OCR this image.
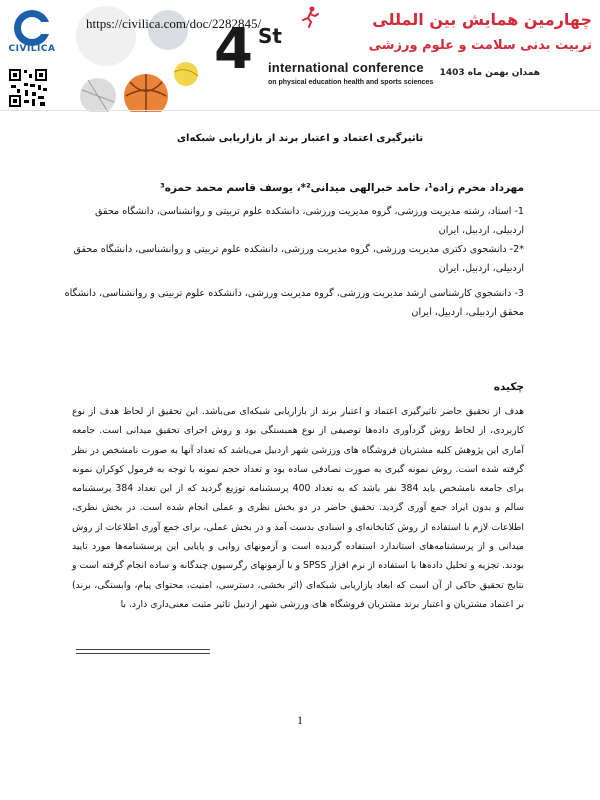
CIVILICA
https://civilica.com/doc/2282845/
4 St
international conference
on physical education health and sports sciences
چهارمین همایش بین المللی
تربیت بدنی سلامت و علوم ورزشی
همدان بهمن ماه 1403
تاثیرگیری اعتماد و اعتبار برند از بازاریابی شبکه‌ای
مهرداد محرم زاده¹، حامد خبرالهی میدانی²*، یوسف قاسم محمد حمزه³
1- استاد، رشته مدیریت ورزشی، گروه مدیریت ورزشی، دانشکده علوم تربیتی و روانشناسی، دانشگاه محقق اردبیلی، اردبیل، ایران
*2- دانشجوی دکتری مدیریت ورزشی، گروه مدیریت ورزشی، دانشکده علوم تربیتی و روانشناسی، دانشگاه محقق اردبیلی، اردبیل، ایران
3- دانشجوی کارشناسی ارشد مدیریت ورزشی، گروه مدیریت ورزشی، دانشکده علوم تربیتی و روانشناسی، دانشگاه محقق اردبیلی، اردبیل، ایران
چکیده
هدف از تحقیق حاضر تاثیرگیری اعتماد و اعتبار برند از بازاریابی شبکه‌ای می‌باشد. این تحقیق از لحاظ هدف از نوع کاربردی، از لحاظ روش گردآوری داده‌ها توصیفی از نوع همبستگی بود و روش اجرای تحقیق میدانی است. جامعه آماری این پژوهش کلیه مشتریان فروشگاه های ورزشی شهر اردبیل می‌باشد که تعداد آنها به صورت نامشخص در نظر گرفته شده است. روش نمونه گیری به صورت تصادفی ساده بود و تعداد حجم نمونه با توجه به فرمول کوکران نمونه برای جامعه نامشخص باید 384 نفر باشد که به تعداد 400 پرسشنامه توزیع گردید که از این تعداد 384 پرسشنامه سالم و بدون ایراد جمع آوری گردید. تحقیق حاضر در دو بخش نظری و عملی انجام شده است. در بخش نظری، اطلاعات لازم با استفاده از روش کتابخانه‌ای و اسنادی بدست آمد و در بخش عملی، برای جمع آوری اطلاعات از روش میدانی و از پرسشنامه‌های استاندارد استفاده گردیده است و آزمونهای روایی و پایایی این پرسشنامه‌ها مورد تایید بودند. تجزیه و تحلیل داده‌ها با استفاده از نرم افزار SPSS و با آزمونهای رگرسیون چندگانه و ساده انجام گرفته است و نتایج تحقیق حاکی از آن است که ابعاد بازاریابی شبکه‌ای (اثر بخشی، دسترسی، امنیت، محتوای پیام، وابستگی، برند) بر اعتماد مشتریان و اعتبار برند مشتریان فروشگاه های ورزشی شهر اردبیل تاثیر مثبت معنی‌داری دارد. با
1
